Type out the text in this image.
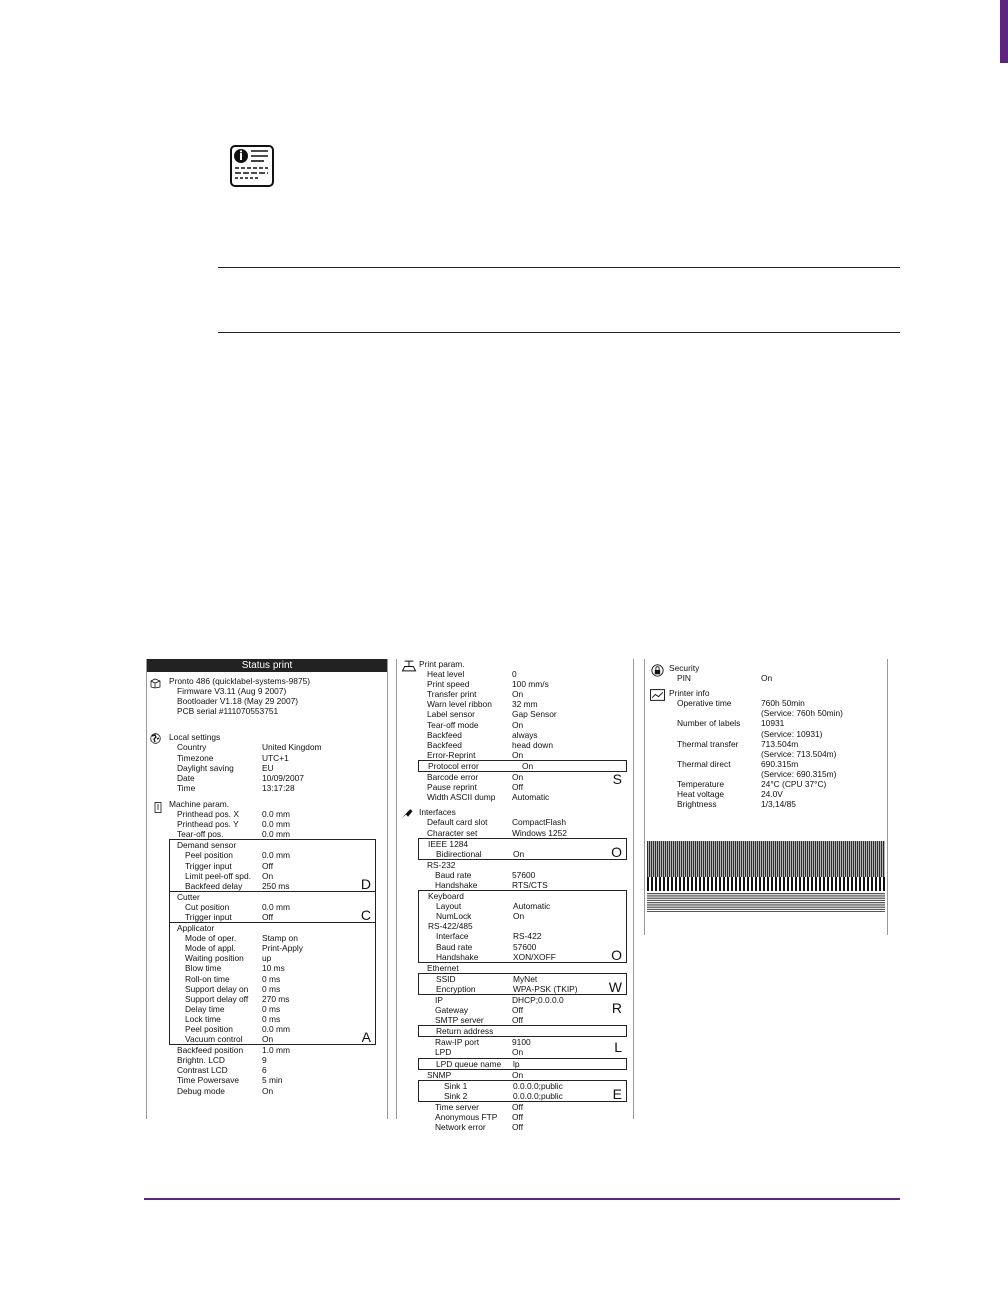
Status print
Pronto 486 (quicklabel-systems-9875)
Firmware V3.11 (Aug 9 2007)
Bootloader V1.18 (May 29 2007)
PCB serial #111070553751
Local settings
Country	United Kingdom
Timezone	UTC+1
Daylight saving	EU
Date	10/09/2007
Time	13:17:28
Machine param.
Printhead pos. X	0.0 mm
Printhead pos. Y	0.0 mm
Tear-off pos.	0.0 mm
Demand sensor
Peel position	0.0 mm
Trigger input	Off
Limit peel-off spd. On
Backfeed delay 250 ms	D
Cutter
Cut position	0.0 mm
Trigger input	Off	C
Applicator
Mode of oper.	Stamp on
Mode of appl.	Print-Apply
Waiting position up
Blow time	10 ms
Roll-on time	0 ms
Support delay on 0 ms
Support delay off 270 ms
Delay time	0 ms
Lock time	0 ms
Peel position	0.0 mm
Vacuum control On	A
Backfeed position 1.0 mm
Brightn. LCD	9
Contrast LCD	6
Time Powersave	5 min
Debug mode	On
Print param.
Heat level	0
Print speed	100 mm/s
Transfer print	On
Warn level ribbon 32 mm
Label sensor	Gap Sensor
Tear-off mode	On
Backfeed	always
Backfeed	head down
Error-Reprint	On
Protocol error	On
Barcode error	On
Pause reprint	Off
Width ASCII dump Automatic
S
Interfaces
Default card slot	CompactFlash
Character set	Windows 1252
IEEE 1284
Bidirectional	On	O
RS-232
Baud rate	57600
Handshake	RTS/CTS
Keyboard
Layout	Automatic
NumLock	On
RS-422/485
Interface	RS-422
Baud rate	57600
Handshake	XON/XOFF	O
Ethernet
SSID	MyNet
Encryption	WPA-PSK (TKIP) W
IP	DHCP;0.0.0.0
Gateway	Off
SMTP server	Off
R
Return address
Raw-IP port	9100
LPD	On	L
LPD queue name lp
SNMP	On
Sink 1	0.0.0.0;public
Sink 2	0.0.0.0;public	E
Time server	Off
Anonymous FTP Off
Network error	Off
Security
PIN	On
Printer info
Operative time	760h 50min
(Service: 760h 50min)
Number of labels 10931
(Service: 10931)
Thermal transfer	713.504m
(Service: 713.504m)
Thermal direct	690.315m
(Service: 690.315m)
Temperature	24°C (CPU 37°C)
Heat voltage	24.0V
Brightness	1/3,14/85
